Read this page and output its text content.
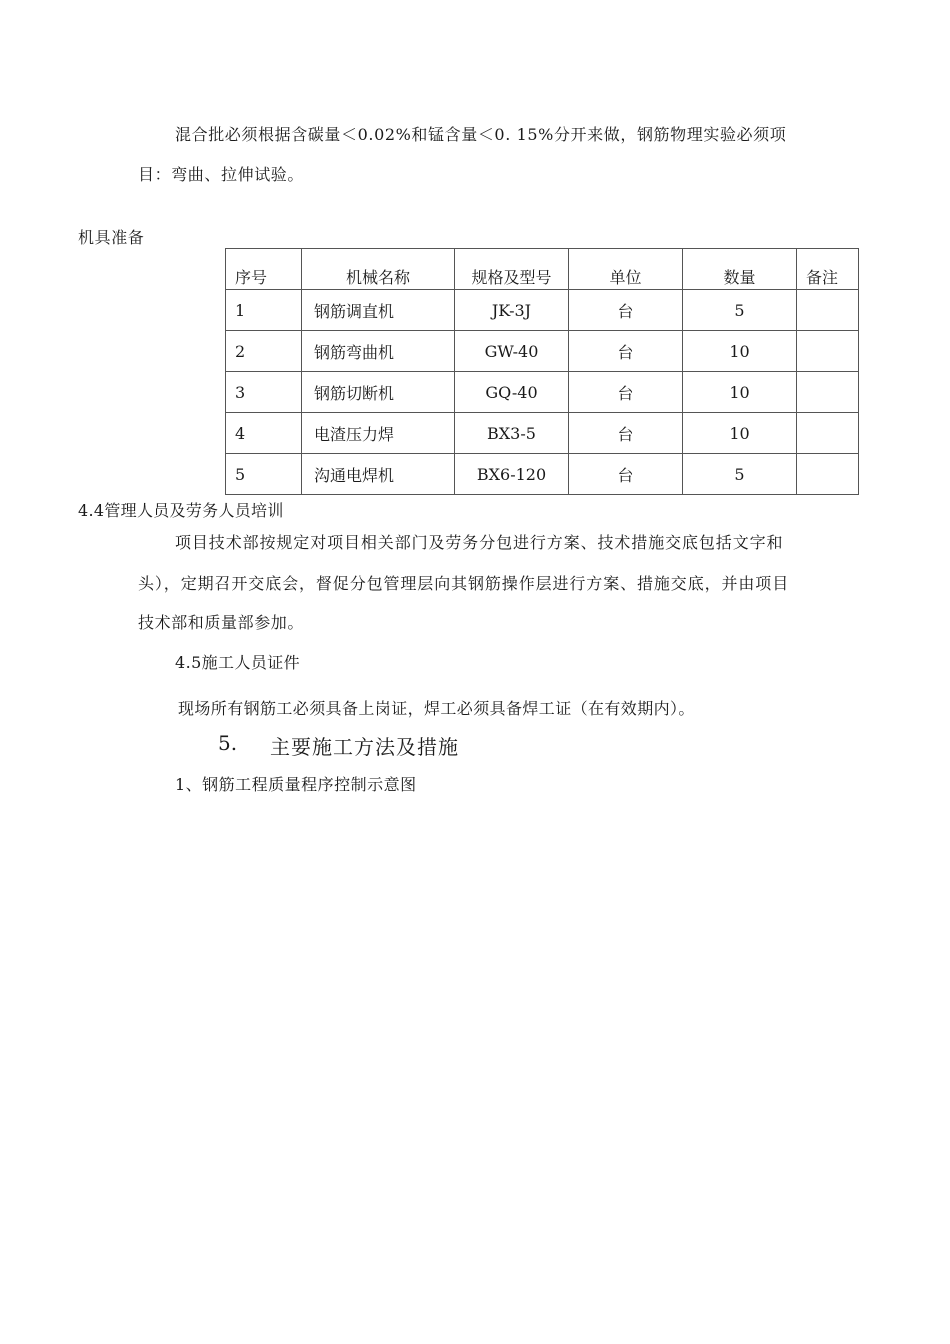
混合批必须根据含碳量＜0.02%和锰含量＜0. 15%分开来做，钢筋物理实验必须项
目：弯曲、拉伸试验。
机具准备
序号	机械名称	规格及型号	单位	数量	备注
1	钢筋调直机	JK-3J	台	5	
2	钢筋弯曲机	GW-40	台	10	
3	钢筋切断机	GQ-40	台	10	
4	电渣压力焊	BX3-5	台	10	
5	沟通电焊机	BX6-120	台	5	
4.4管理人员及劳务人员培训
项目技术部按规定对项目相关部门及劳务分包进行方案、技术措施交底包括文字和
头），定期召开交底会，督促分包管理层向其钢筋操作层进行方案、措施交底，并由项目
技术部和质量部参加。
4.5施工人员证件
现场所有钢筋工必须具备上岗证，焊工必须具备焊工证（在有效期内）。
5. 主要施工方法及措施
1、钢筋工程质量程序控制示意图
